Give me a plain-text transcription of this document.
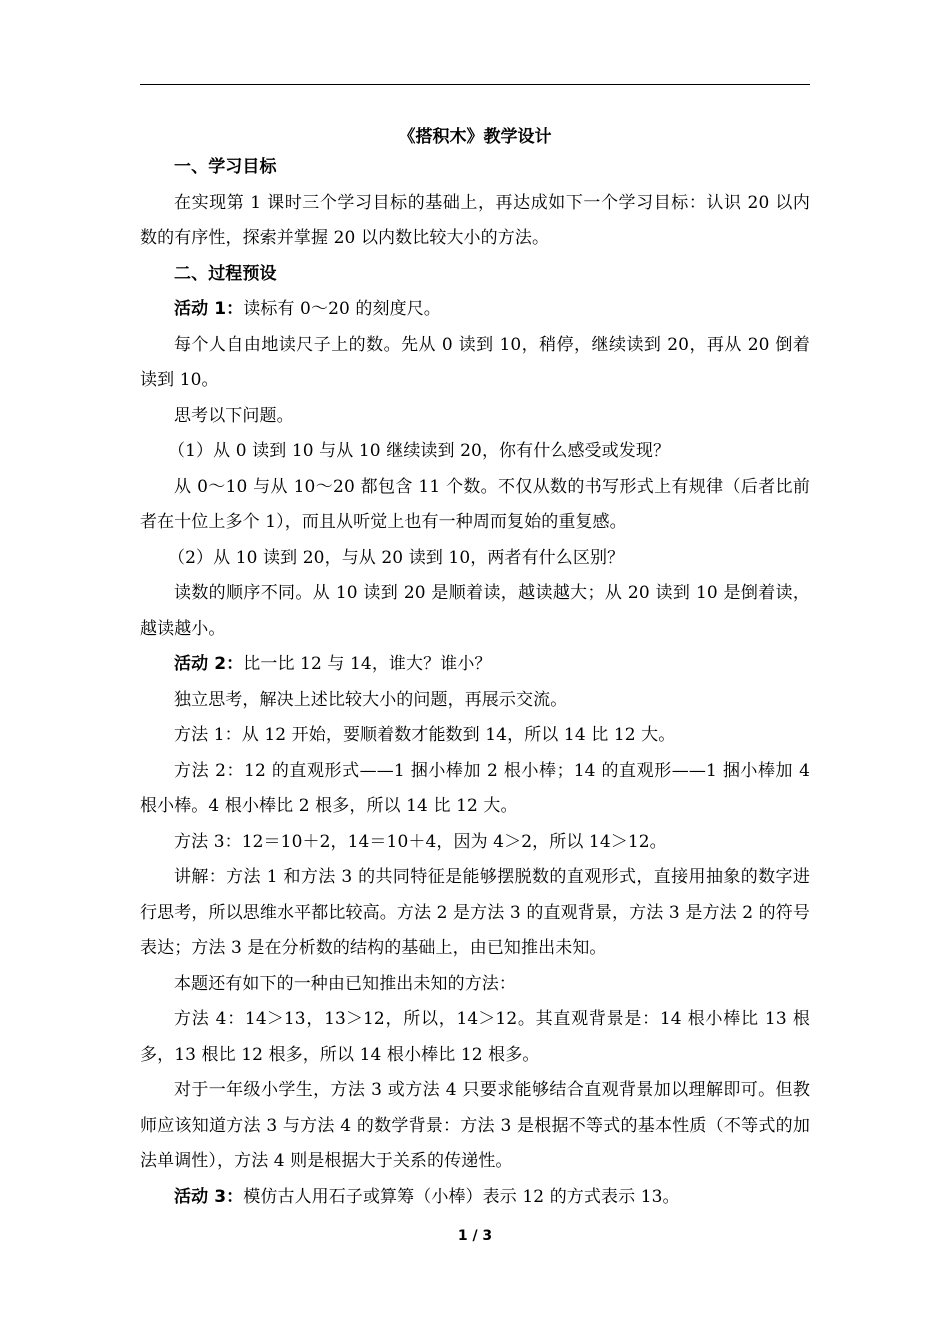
《搭积木》教学设计

一、学习目标

在实现第 1 课时三个学习目标的基础上，再达成如下一个学习目标：认识 20 以内数的有序性，探索并掌握 20 以内数比较大小的方法。

二、过程预设

活动 1：读标有 0～20 的刻度尺。

每个人自由地读尺子上的数。先从 0 读到 10，稍停，继续读到 20，再从 20 倒着读到 10。

思考以下问题。

（1）从 0 读到 10 与从 10 继续读到 20，你有什么感受或发现？

从 0～10 与从 10～20 都包含 11 个数。不仅从数的书写形式上有规律（后者比前者在十位上多个 1），而且从听觉上也有一种周而复始的重复感。

（2）从 10 读到 20，与从 20 读到 10，两者有什么区别？

读数的顺序不同。从 10 读到 20 是顺着读，越读越大；从 20 读到 10 是倒着读，越读越小。

活动 2：比一比 12 与 14，谁大？谁小？

独立思考，解决上述比较大小的问题，再展示交流。

方法 1：从 12 开始，要顺着数才能数到 14，所以 14 比 12 大。

方法 2：12 的直观形式——1 捆小棒加 2 根小棒；14 的直观形——1 捆小棒加 4 根小棒。4 根小棒比 2 根多，所以 14 比 12 大。

方法 3：12＝10＋2，14＝10＋4，因为 4＞2，所以 14＞12。

讲解：方法 1 和方法 3 的共同特征是能够摆脱数的直观形式，直接用抽象的数字进行思考，所以思维水平都比较高。方法 2 是方法 3 的直观背景，方法 3 是方法 2 的符号表达；方法 3 是在分析数的结构的基础上，由已知推出未知。

本题还有如下的一种由已知推出未知的方法：

方法 4：14＞13，13＞12，所以，14＞12。其直观背景是：14 根小棒比 13 根多，13 根比 12 根多，所以 14 根小棒比 12 根多。

对于一年级小学生，方法 3 或方法 4 只要求能够结合直观背景加以理解即可。但教师应该知道方法 3 与方法 4 的数学背景：方法 3 是根据不等式的基本性质（不等式的加法单调性），方法 4 则是根据大于关系的传递性。

活动 3：模仿古人用石子或算筹（小棒）表示 12 的方式表示 13。

1 / 3
